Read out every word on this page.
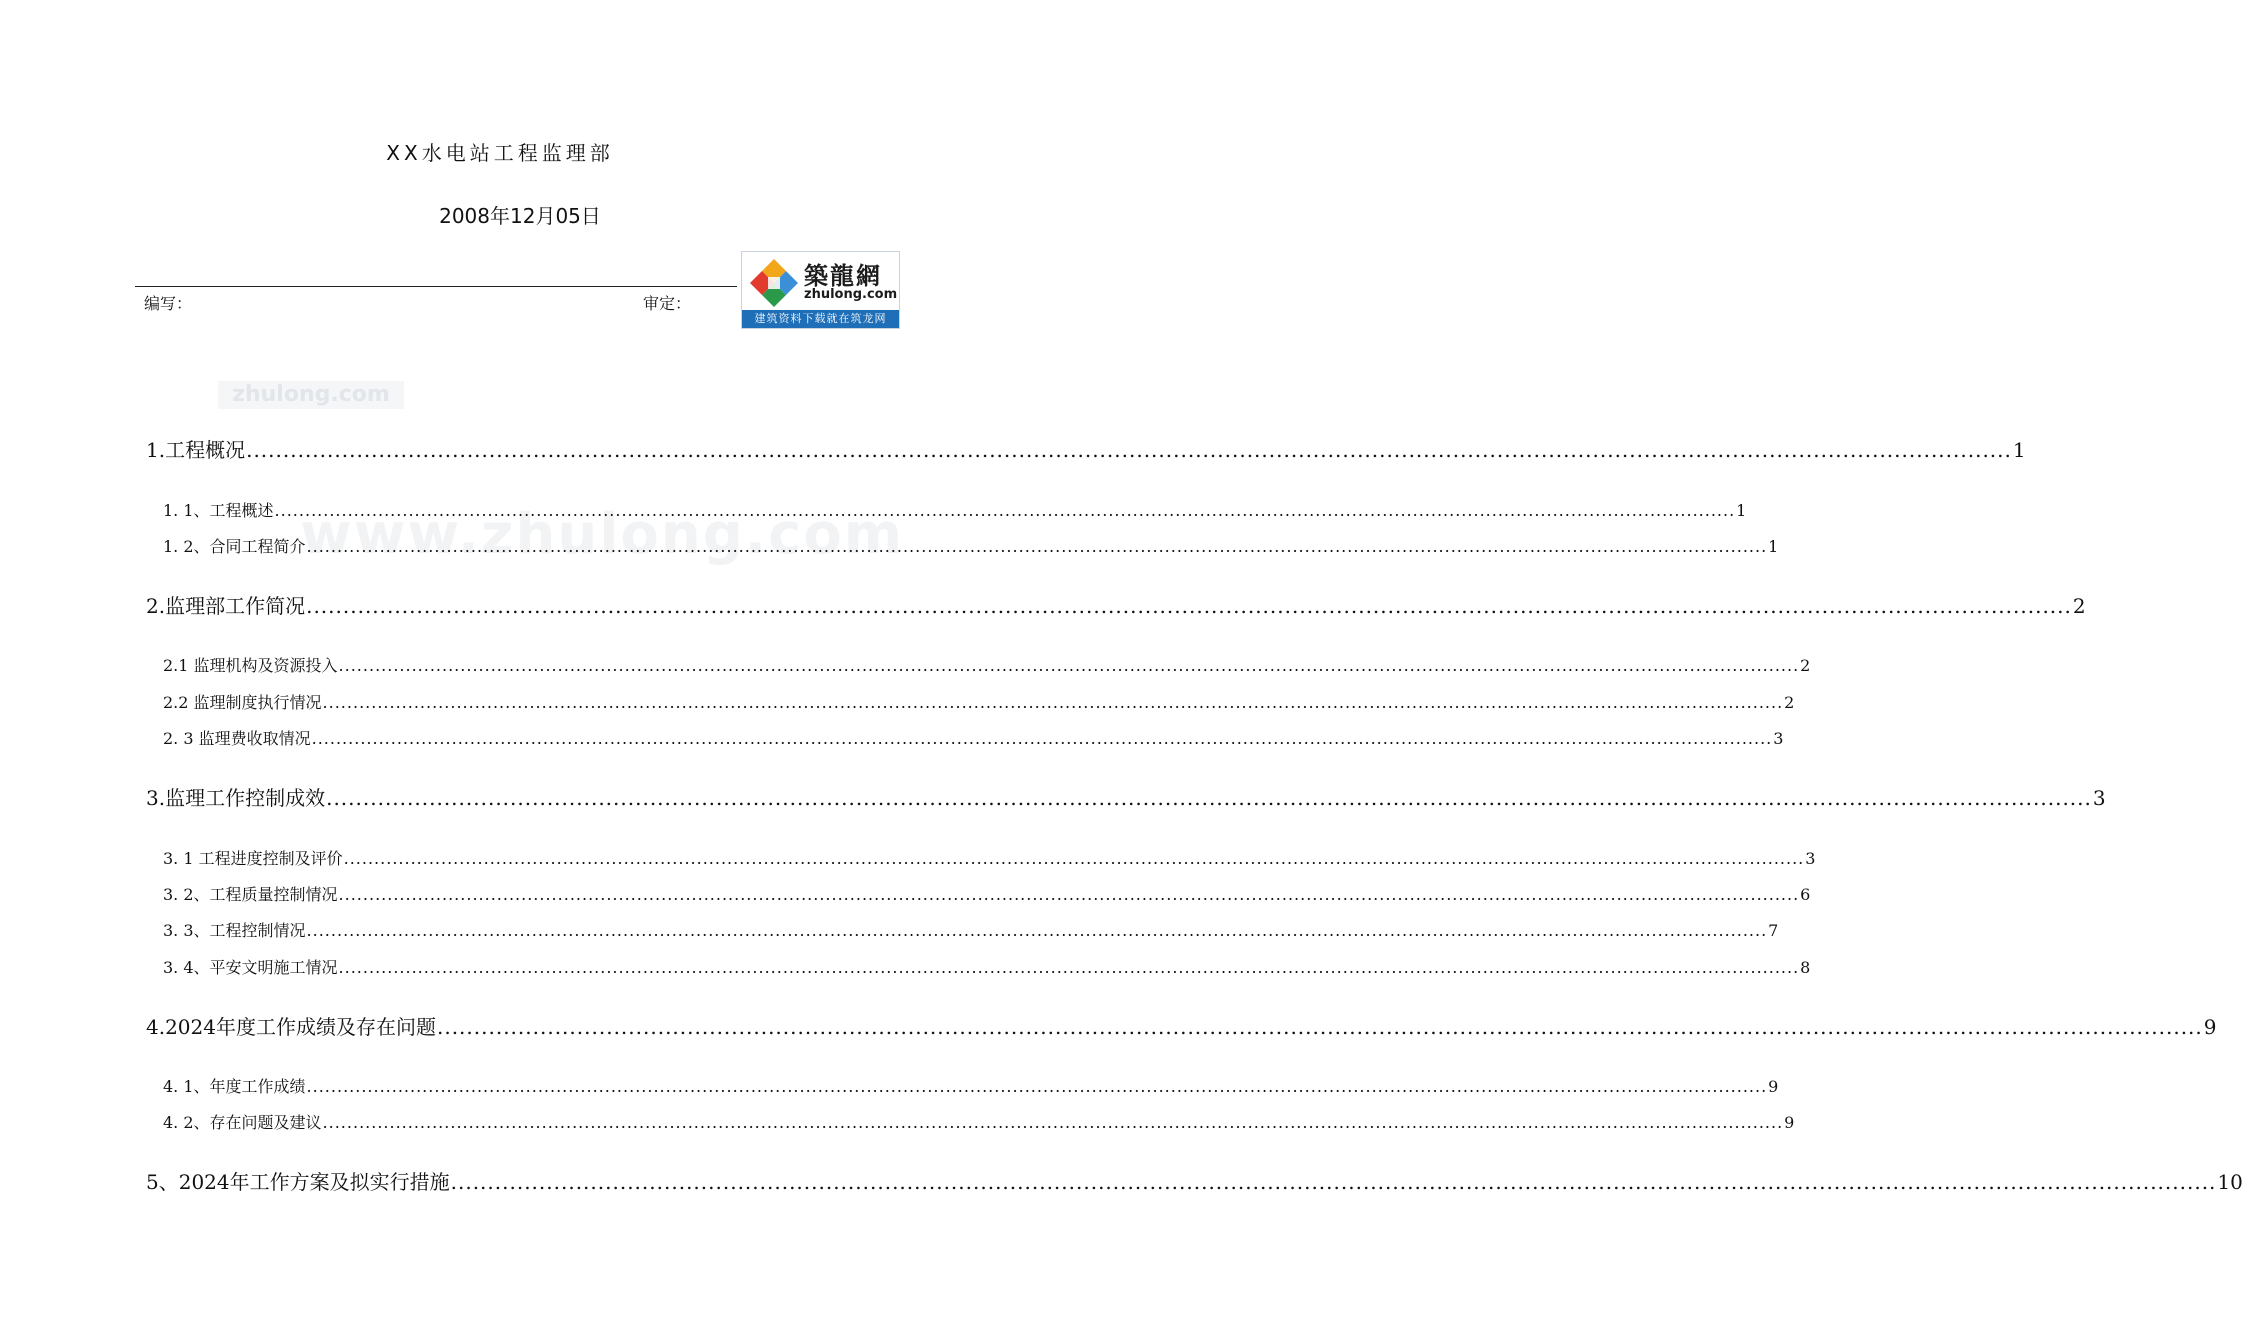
XX水电站工程监理部
2008年12月05日
编写：	审定：
築龍網
zhulong.com
建筑资料下载就在筑龙网
zhulong.com
www.zhulong.com
1.工程概况 .....	1
1. 1、工程概述 .....	1
1. 2、合同工程简介 .....	1
2.监理部工作简况 .....	2
2.1 监理机构及资源投入 .....	2
2.2 监理制度执行情况 .....	2
2. 3 监理费收取情况 .....	3
3.监理工作控制成效 .....	3
3. 1 工程进度控制及评价 .....	3
3. 2、工程质量控制情况 .....	6
3. 3、工程控制情况 .....	7
3. 4、平安文明施工情况 .....	8
4.2024年度工作成绩及存在问题 .....	9
4. 1、年度工作成绩 .....	9
4. 2、存在问题及建议 .....	9
5、2024年工作方案及拟实行措施 .....	10
